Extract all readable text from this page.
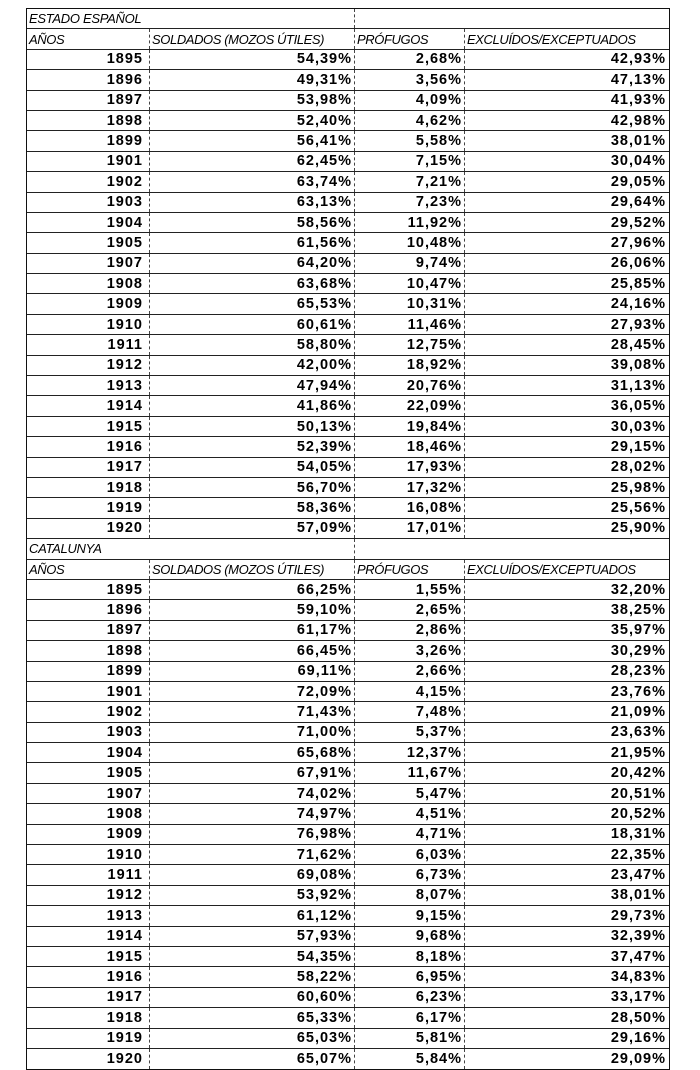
ESTADO ESPAÑOL
AÑOS	SOLDADOS (MOZOS ÚTILES)	PRÓFUGOS	EXCLUÍDOS/EXCEPTUADOS
1895	54,39%	2,68%	42,93%
1896	49,31%	3,56%	47,13%
1897	53,98%	4,09%	41,93%
1898	52,40%	4,62%	42,98%
1899	56,41%	5,58%	38,01%
1901	62,45%	7,15%	30,04%
1902	63,74%	7,21%	29,05%
1903	63,13%	7,23%	29,64%
1904	58,56%	11,92%	29,52%
1905	61,56%	10,48%	27,96%
1907	64,20%	9,74%	26,06%
1908	63,68%	10,47%	25,85%
1909	65,53%	10,31%	24,16%
1910	60,61%	11,46%	27,93%
1911	58,80%	12,75%	28,45%
1912	42,00%	18,92%	39,08%
1913	47,94%	20,76%	31,13%
1914	41,86%	22,09%	36,05%
1915	50,13%	19,84%	30,03%
1916	52,39%	18,46%	29,15%
1917	54,05%	17,93%	28,02%
1918	56,70%	17,32%	25,98%
1919	58,36%	16,08%	25,56%
1920	57,09%	17,01%	25,90%
CATALUNYA
AÑOS	SOLDADOS (MOZOS ÚTILES)	PRÓFUGOS	EXCLUÍDOS/EXCEPTUADOS
1895	66,25%	1,55%	32,20%
1896	59,10%	2,65%	38,25%
1897	61,17%	2,86%	35,97%
1898	66,45%	3,26%	30,29%
1899	69,11%	2,66%	28,23%
1901	72,09%	4,15%	23,76%
1902	71,43%	7,48%	21,09%
1903	71,00%	5,37%	23,63%
1904	65,68%	12,37%	21,95%
1905	67,91%	11,67%	20,42%
1907	74,02%	5,47%	20,51%
1908	74,97%	4,51%	20,52%
1909	76,98%	4,71%	18,31%
1910	71,62%	6,03%	22,35%
1911	69,08%	6,73%	23,47%
1912	53,92%	8,07%	38,01%
1913	61,12%	9,15%	29,73%
1914	57,93%	9,68%	32,39%
1915	54,35%	8,18%	37,47%
1916	58,22%	6,95%	34,83%
1917	60,60%	6,23%	33,17%
1918	65,33%	6,17%	28,50%
1919	65,03%	5,81%	29,16%
1920	65,07%	5,84%	29,09%
